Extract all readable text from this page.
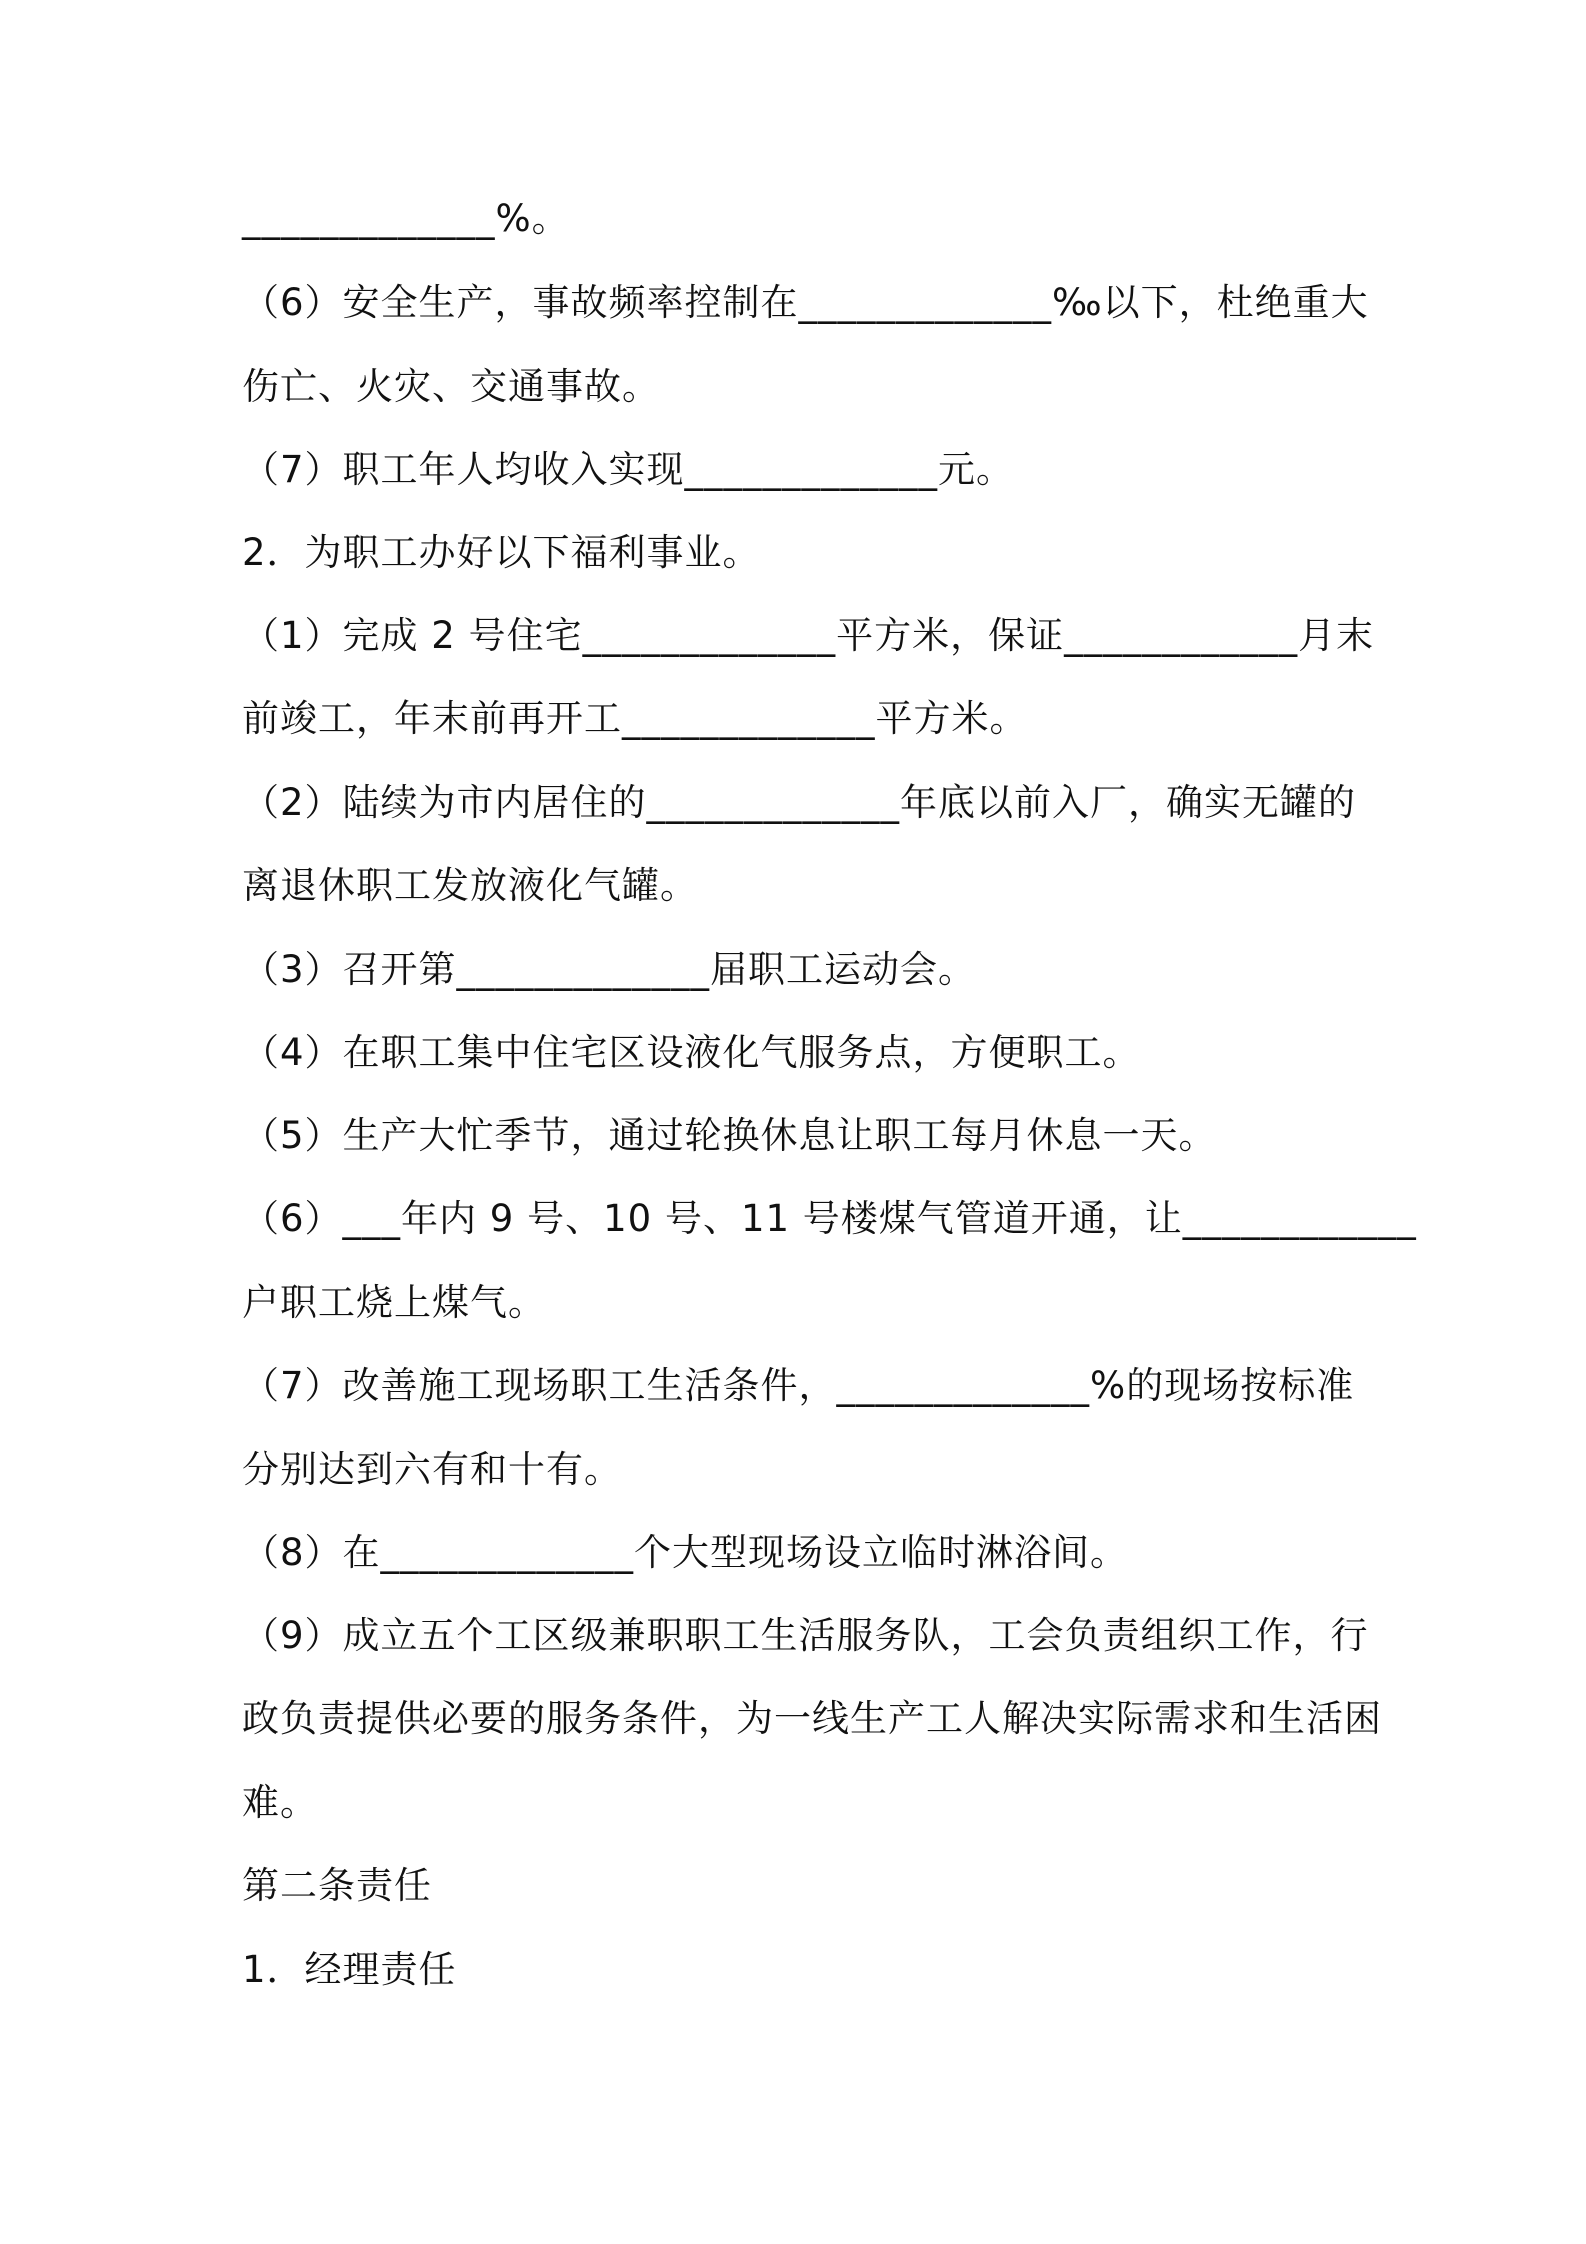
_____________%。
（6）安全生产，事故频率控制在_____________‰以下，杜绝重大
伤亡、火灾、交通事故。
（7）职工年人均收入实现_____________元。
2．为职工办好以下福利事业。
（1）完成 2 号住宅_____________平方米，保证____________月末
前竣工，年末前再开工_____________平方米。
（2）陆续为市内居住的_____________年底以前入厂，确实无罐的
离退休职工发放液化气罐。
（3）召开第_____________届职工运动会。
（4）在职工集中住宅区设液化气服务点，方便职工。
（5）生产大忙季节，通过轮换休息让职工每月休息一天。
（6）___年内 9 号、10 号、11 号楼煤气管道开通，让____________
户职工烧上煤气。
（7）改善施工现场职工生活条件，_____________%的现场按标准
分别达到六有和十有。
（8）在_____________个大型现场设立临时淋浴间。
（9）成立五个工区级兼职职工生活服务队，工会负责组织工作，行
政负责提供必要的服务条件，为一线生产工人解决实际需求和生活困
难。
第二条责任
1．经理责任
